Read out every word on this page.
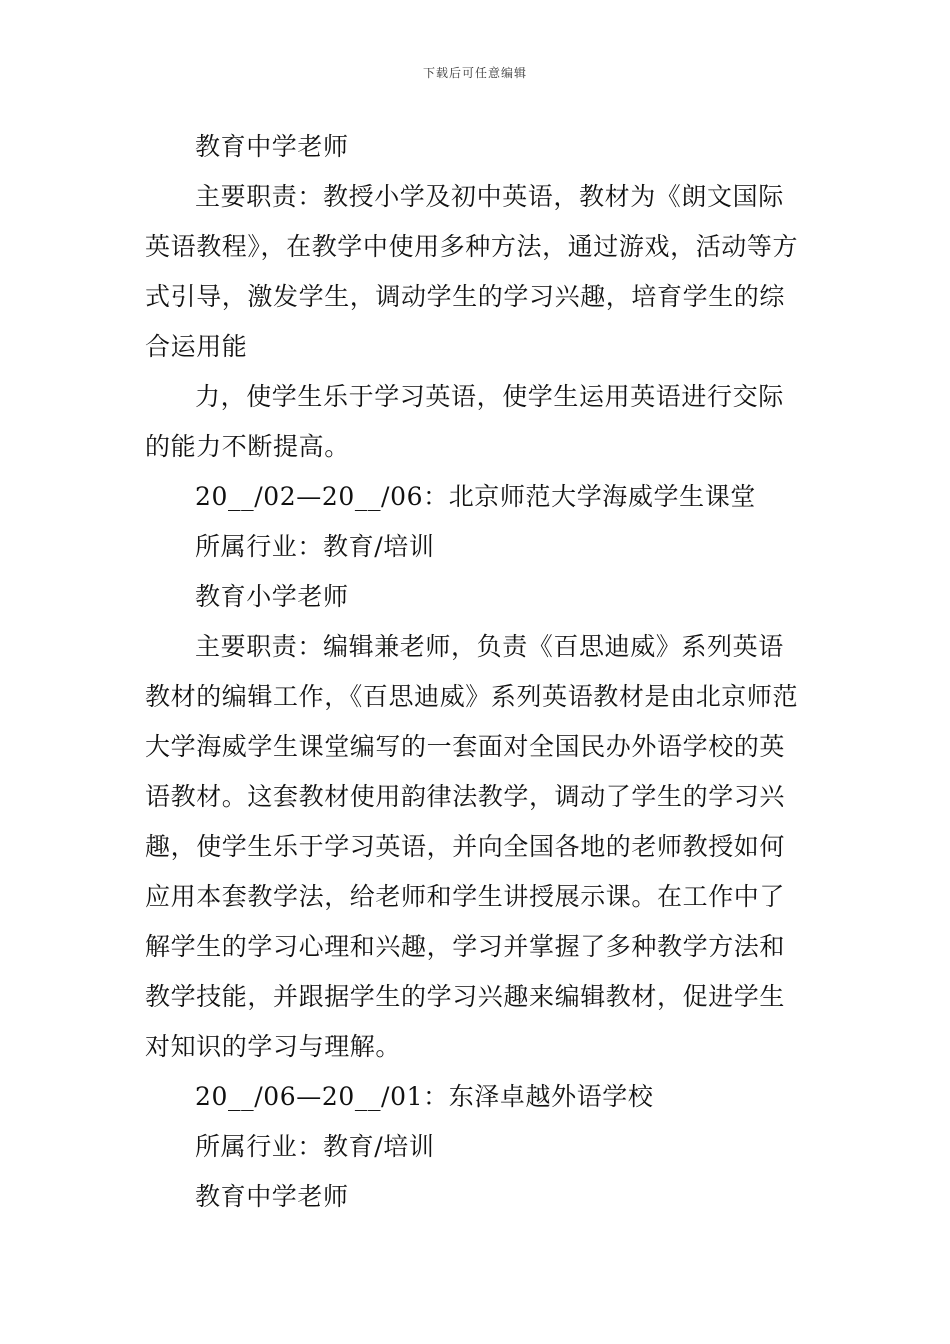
下载后可任意编辑

教育中学老师

主要职责：教授小学及初中英语，教材为《朗文国际英语教程》，在教学中使用多种方法，通过游戏，活动等方式引导，激发学生，调动学生的学习兴趣，培育学生的综合运用能

力，使学生乐于学习英语，使学生运用英语进行交际的能力不断提高。

20__/02—20__/06：北京师范大学海威学生课堂

所属行业：教育/培训

教育小学老师

主要职责：编辑兼老师，负责《百思迪威》系列英语教材的编辑工作，《百思迪威》系列英语教材是由北京师范大学海威学生课堂编写的一套面对全国民办外语学校的英语教材。这套教材使用韵律法教学，调动了学生的学习兴趣，使学生乐于学习英语，并向全国各地的老师教授如何应用本套教学法，给老师和学生讲授展示课。在工作中了解学生的学习心理和兴趣，学习并掌握了多种教学方法和教学技能，并跟据学生的学习兴趣来编辑教材，促进学生对知识的学习与理解。

20__/06—20__/01：东泽卓越外语学校

所属行业：教育/培训

教育中学老师
